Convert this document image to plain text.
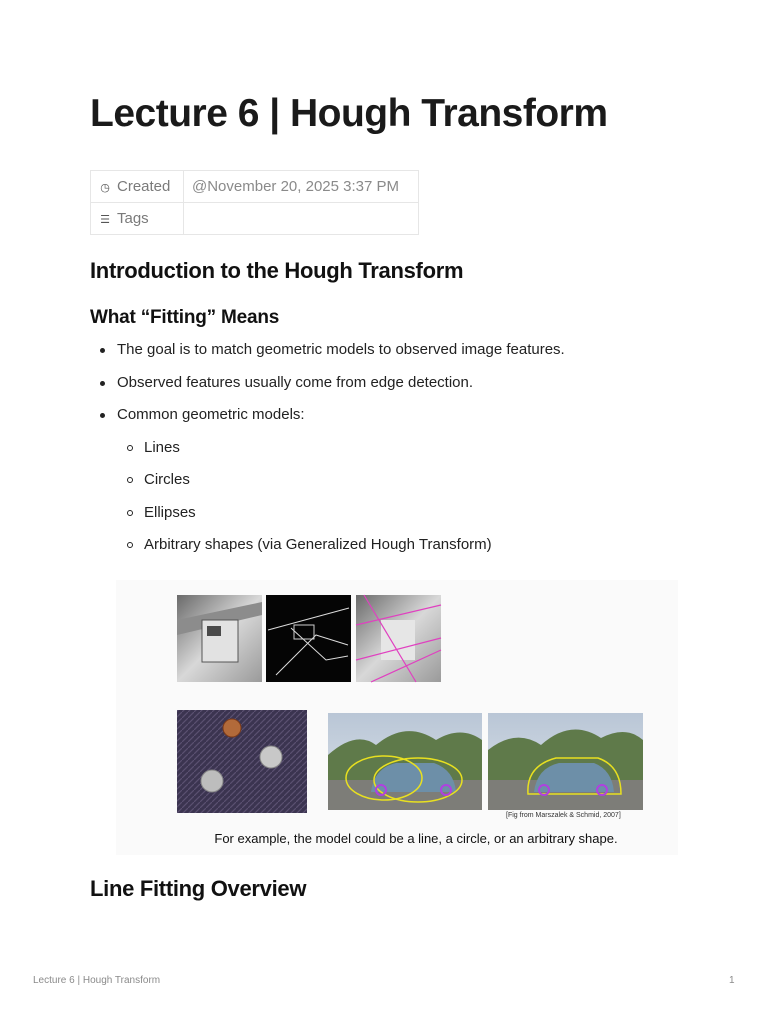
Lecture 6 | Hough Transform
◷ Created	@November 20, 2025 3:37 PM
☰ Tags	
Introduction to the Hough Transform
What “Fitting” Means
The goal is to match geometric models to observed image features.
Observed features usually come from edge detection.
Common geometric models:
Lines
Circles
Ellipses
Arbitrary shapes (via Generalized Hough Transform)
[Fig from Marszalek & Schmid, 2007]
For example, the model could be a line, a circle, or an arbitrary shape.
Line Fitting Overview
Lecture 6 | Hough Transform	1
